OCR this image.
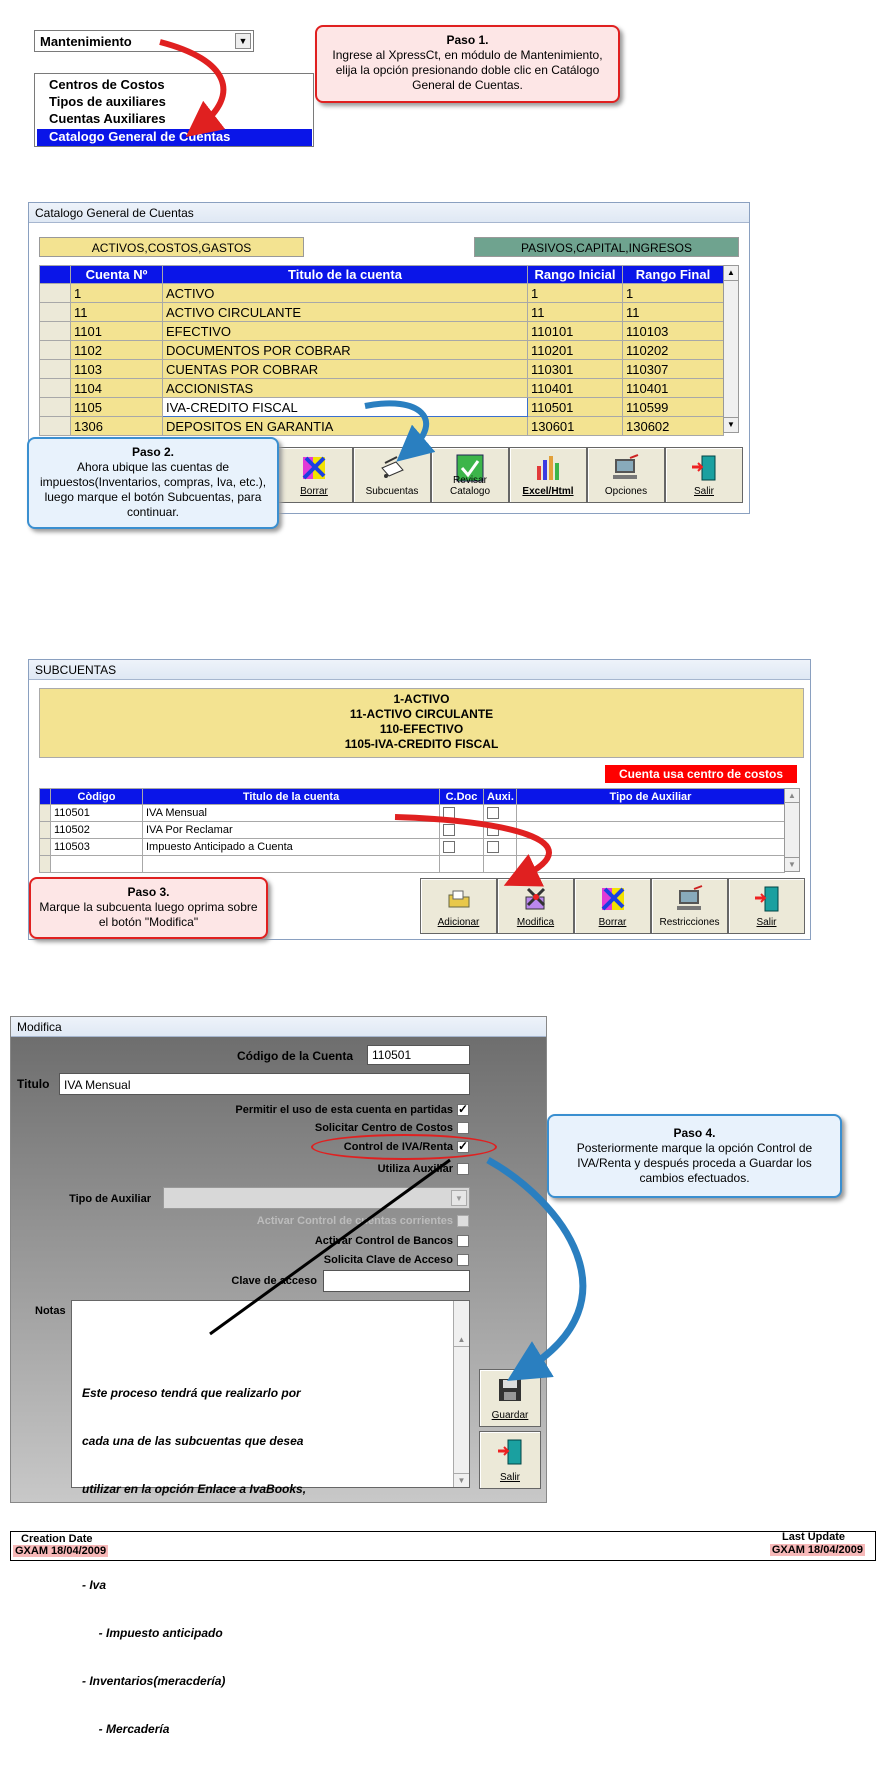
Mantenimiento	▼
Centros de Costos
Tipos de auxiliares
Cuentas Auxiliares
Catalogo General de Cuentas
Paso 1.
Ingrese al XpressCt, en módulo de Mantenimiento, elija la opción presionando doble clic en Catálogo General de Cuentas.
Catalogo General de Cuentas
ACTIVOS,COSTOS,GASTOS	PASIVOS,CAPITAL,INGRESOS
	Cuenta Nº	Titulo de la cuenta	Rango Inicial	Rango Final
	1	ACTIVO	1	1
	11	ACTIVO CIRCULANTE	11	11
	1101	EFECTIVO	110101	110103
	1102	DOCUMENTOS POR COBRAR	110201	110202
	1103	CUENTAS POR COBRAR	110301	110307
	1104	ACCIONISTAS	110401	110401
	1105	IVA-CREDITO FISCAL	110501	110599
	1306	DEPOSITOS EN GARANTIA	130601	130602
▲
▼
Borrar	Subcuentas
Revisar Catalogo	Excel/Html	Opciones	Salir
Paso 2.
Ahora ubique las cuentas de impuestos(Inventarios, compras, Iva, etc.), luego marque el botón Subcuentas, para continuar.
SUBCUENTAS
1-ACTIVO
11-ACTIVO CIRCULANTE
110-EFECTIVO
1105-IVA-CREDITO FISCAL
Cuenta usa centro de costos
	Còdigo	Titulo de la cuenta	C.Doc	Auxi.	Tipo de Auxiliar
	110501	IVA Mensual			
	110502	IVA Por Reclamar			
	110503	Impuesto Anticipado a Cuenta			

▲
▼
Adicionar	Modifica	Borrar	Restricciones	Salir
Paso 3.
Marque la subcuenta luego oprima sobre el botón "Modifica"
Modifica
Código de la Cuenta	110501
Titulo	IVA Mensual
Permitir el uso de esta cuenta en partidas
✓
Solicitar Centro de Costos
Control de IVA/Renta
✓
Utiliza Auxiliar
Tipo de Auxiliar	▼
Activar Control de cuentas corrientes
Activar Control de Bancos
Solicita Clave de Acceso
Clave de acceso
Notas

Este proceso tendrá que realizarlo por

cada una de las subcuentas que desea

utilizar en la opción Enlace a IvaBooks,

- Iva

- Impuesto anticipado

- Inventarios(meracdería)

- Mercadería

▲

▼

Guardar
Salir
Paso 4.
Posteriormente marque la opción Control de IVA/Renta y después proceda a Guardar los cambios efectuados.
Creation Date
GXAM 18/04/2009
Last Update
GXAM 18/04/2009
